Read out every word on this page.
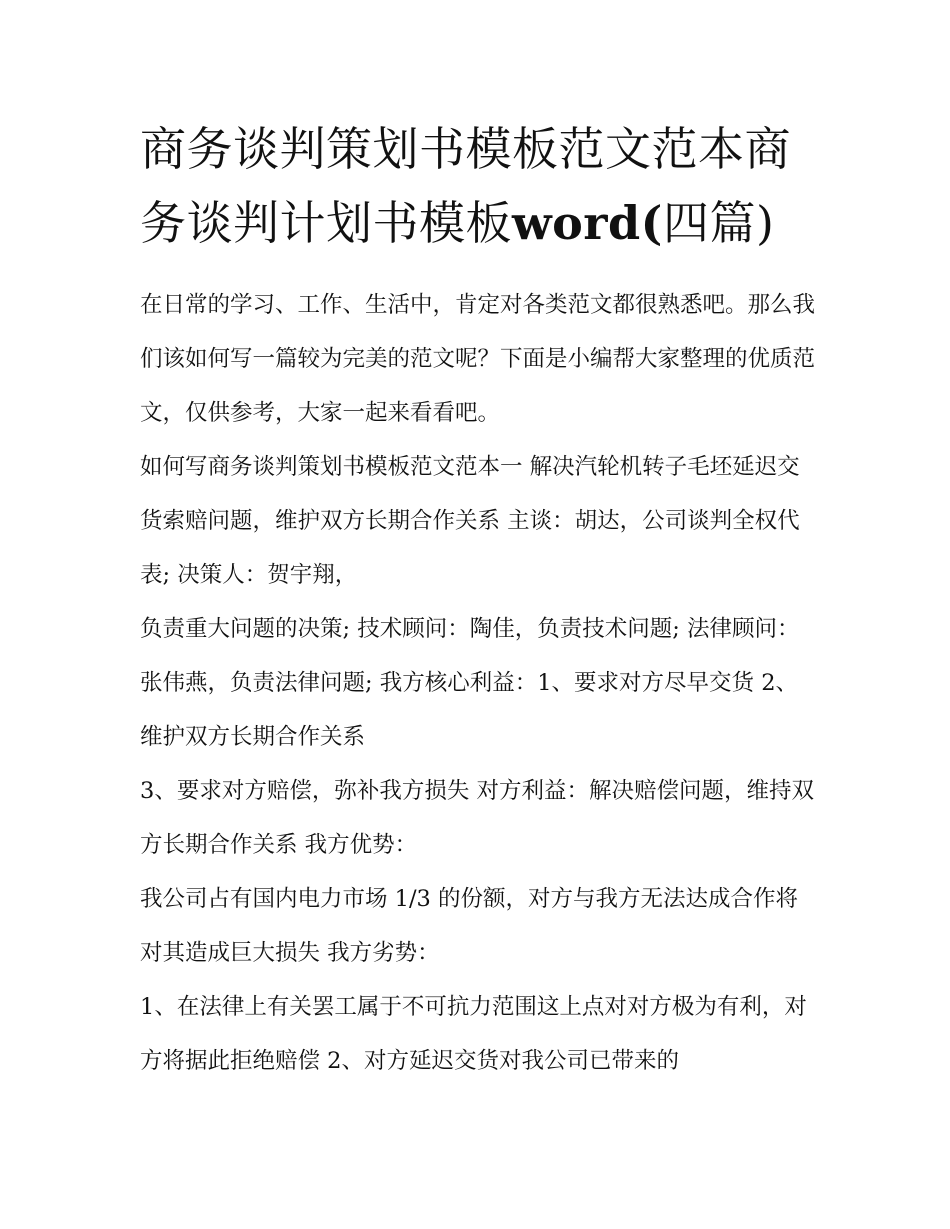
商务谈判策划书模板范文范本商务谈判计划书模板word(四篇)

在日常的学习、工作、生活中，肯定对各类范文都很熟悉吧。那么我们该如何写一篇较为完美的范文呢？下面是小编帮大家整理的优质范文，仅供参考，大家一起来看看吧。

如何写商务谈判策划书模板范文范本一 解决汽轮机转子毛坯延迟交货索赔问题，维护双方长期合作关系 主谈：胡达，公司谈判全权代表; 决策人：贺宇翔，

负责重大问题的决策; 技术顾问：陶佳，负责技术问题; 法律顾问：张伟燕，负责法律问题; 我方核心利益：1、要求对方尽早交货 2、维护双方长期合作关系

3、要求对方赔偿，弥补我方损失 对方利益：解决赔偿问题，维持双方长期合作关系 我方优势：

我公司占有国内电力市场 1/3 的份额，对方与我方无法达成合作将对其造成巨大损失 我方劣势：

1、在法律上有关罢工属于不可抗力范围这上点对对方极为有利，对方将据此拒绝赔偿 2、对方延迟交货对我公司已带来的
